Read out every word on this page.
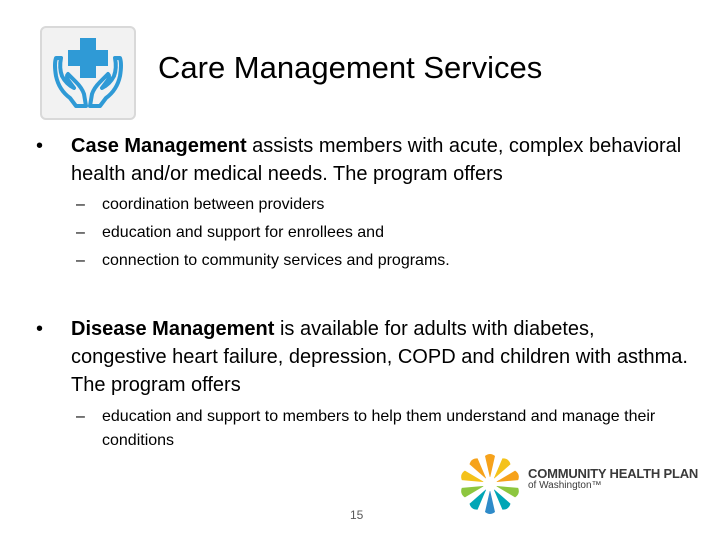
Care Management Services
• Case Management assists members with acute, complex behavioral health and/or medical needs. The program offers
– coordination between providers
– education and support for enrollees and
– connection to community services and programs.
• Disease Management is available for adults with diabetes, congestive heart failure, depression, COPD and children with asthma. The program offers
– education and support to members to help them understand and manage their conditions
COMMUNITY HEALTH PLAN
of Washington™
15
